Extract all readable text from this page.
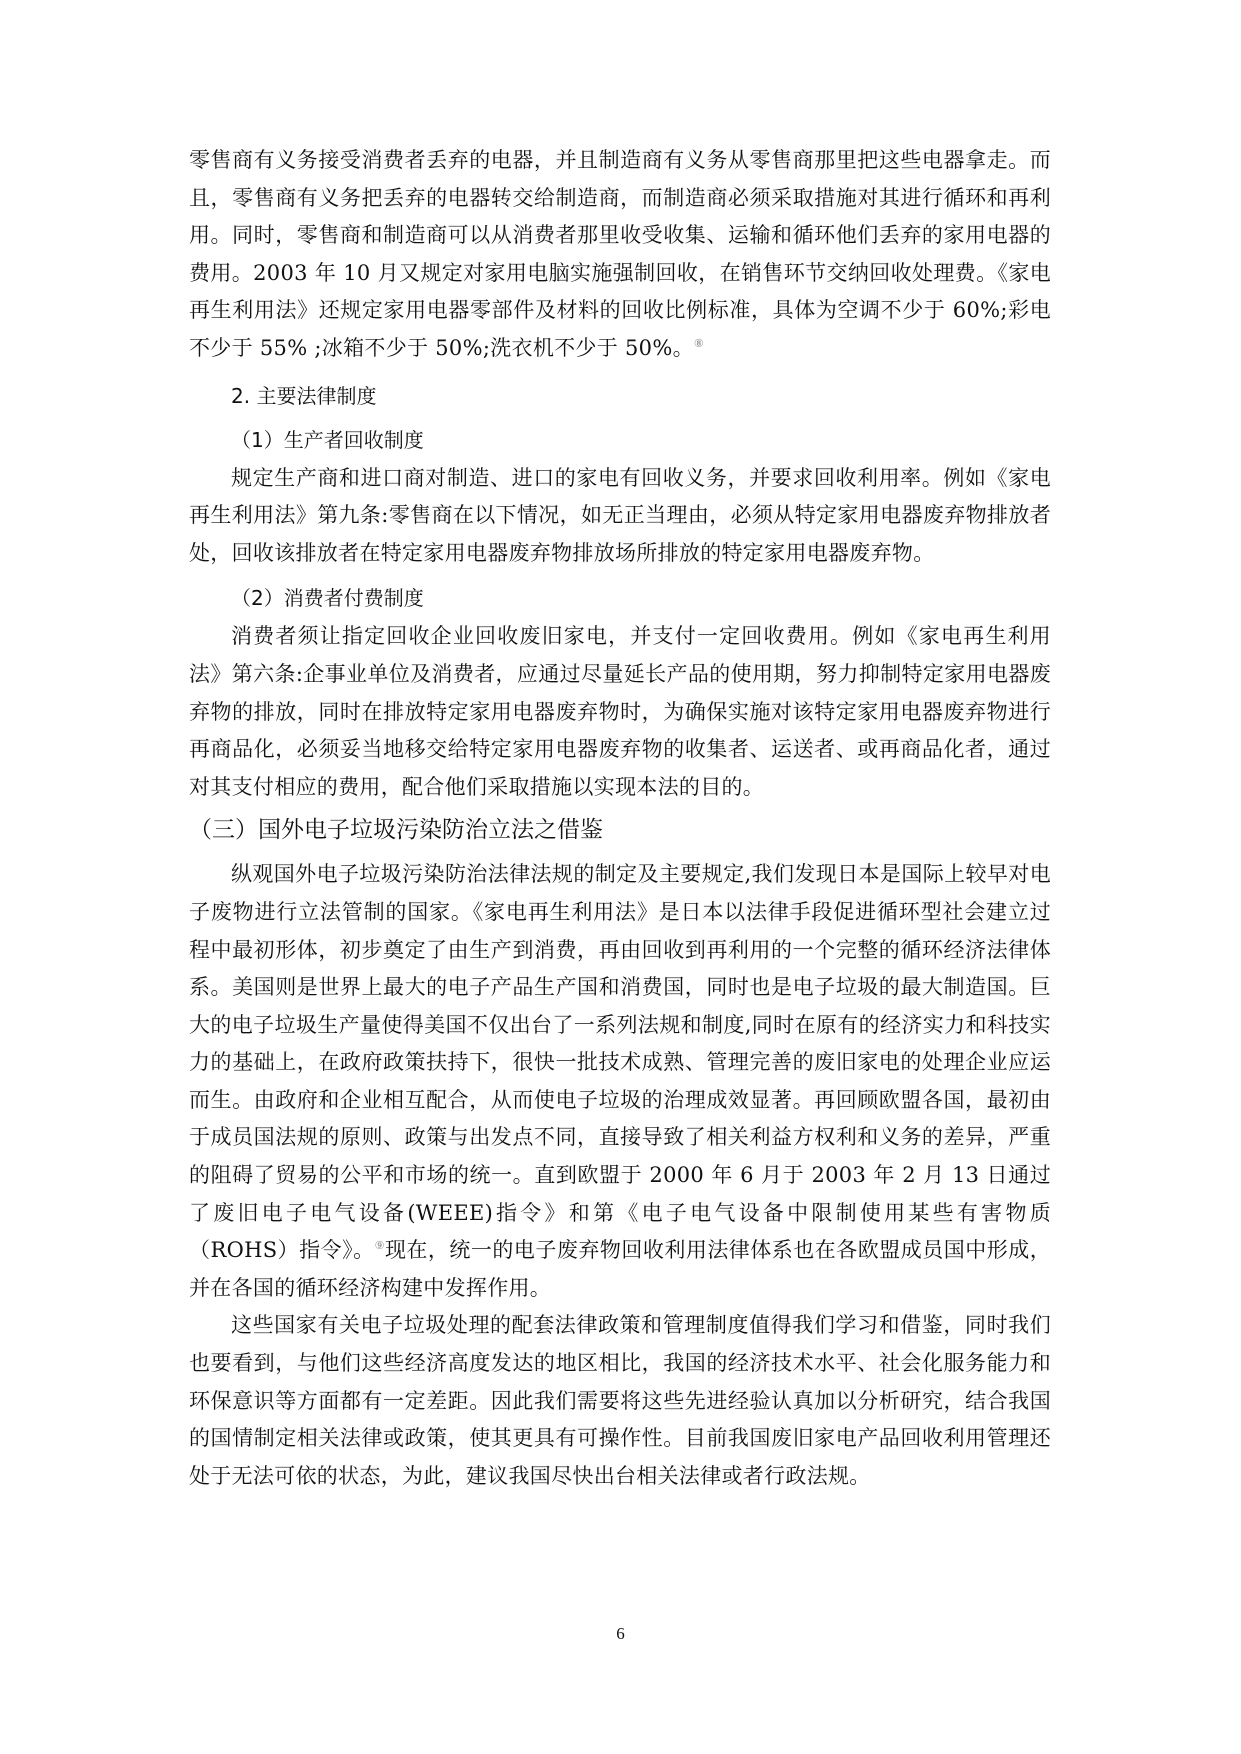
零售商有义务接受消费者丢弃的电器，并且制造商有义务从零售商那里把这些电器拿走。而且，零售商有义务把丢弃的电器转交给制造商，而制造商必须采取措施对其进行循环和再利用。同时，零售商和制造商可以从消费者那里收受收集、运输和循环他们丢弃的家用电器的费用。2003 年 10 月又规定对家用电脑实施强制回收，在销售环节交纳回收处理费。《家电再生利用法》还规定家用电器零部件及材料的回收比例标准，具体为空调不少于 60%;彩电不少于 55% ;冰箱不少于 50%;洗衣机不少于 50%。⑧

2. 主要法律制度
（1）生产者回收制度

规定生产商和进口商对制造、进口的家电有回收义务，并要求回收利用率。例如《家电再生利用法》第九条:零售商在以下情况，如无正当理由，必须从特定家用电器废弃物排放者处，回收该排放者在特定家用电器废弃物排放场所排放的特定家用电器废弃物。

（2）消费者付费制度

消费者须让指定回收企业回收废旧家电，并支付一定回收费用。例如《家电再生利用法》第六条:企事业单位及消费者，应通过尽量延长产品的使用期，努力抑制特定家用电器废弃物的排放，同时在排放特定家用电器废弃物时，为确保实施对该特定家用电器废弃物进行再商品化，必须妥当地移交给特定家用电器废弃物的收集者、运送者、或再商品化者，通过对其支付相应的费用，配合他们采取措施以实现本法的目的。

（三）国外电子垃圾污染防治立法之借鉴

纵观国外电子垃圾污染防治法律法规的制定及主要规定,我们发现日本是国际上较早对电子废物进行立法管制的国家。《家电再生利用法》是日本以法律手段促进循环型社会建立过程中最初形体，初步奠定了由生产到消费，再由回收到再利用的一个完整的循环经济法律体系。美国则是世界上最大的电子产品生产国和消费国，同时也是电子垃圾的最大制造国。巨大的电子垃圾生产量使得美国不仅出台了一系列法规和制度,同时在原有的经济实力和科技实力的基础上，在政府政策扶持下，很快一批技术成熟、管理完善的废旧家电的处理企业应运而生。由政府和企业相互配合，从而使电子垃圾的治理成效显著。再回顾欧盟各国，最初由于成员国法规的原则、政策与出发点不同，直接导致了相关利益方权利和义务的差异，严重的阻碍了贸易的公平和市场的统一。直到欧盟于 2000 年 6 月于 2003 年 2 月 13 日通过了废旧电子电气设备(WEEE)指令》和第《电子电气设备中限制使用某些有害物质（ROHS）指令》。⑨现在，统一的电子废弃物回收利用法律体系也在各欧盟成员国中形成，并在各国的循环经济构建中发挥作用。

这些国家有关电子垃圾处理的配套法律政策和管理制度值得我们学习和借鉴，同时我们也要看到，与他们这些经济高度发达的地区相比，我国的经济技术水平、社会化服务能力和环保意识等方面都有一定差距。因此我们需要将这些先进经验认真加以分析研究，结合我国的国情制定相关法律或政策，使其更具有可操作性。目前我国废旧家电产品回收利用管理还处于无法可依的状态，为此，建议我国尽快出台相关法律或者行政法规。

6
